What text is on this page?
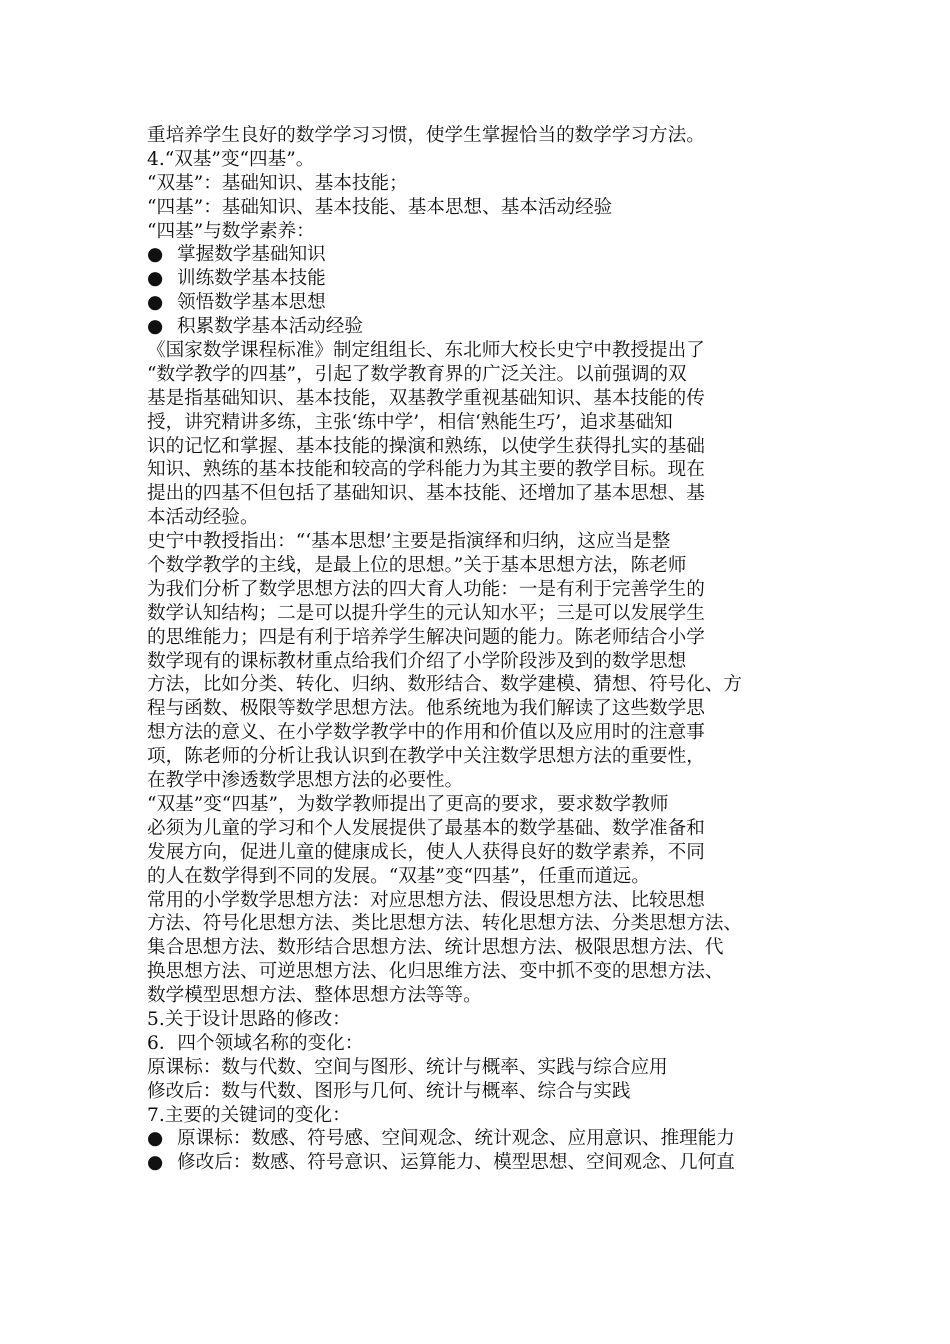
重培养学生良好的数学学习习惯，使学生掌握恰当的数学学习方法。
4.“双基”变“四基”。
“双基”：基础知识、基本技能；
“四基”：基础知识、基本技能、基本思想、基本活动经验
“四基”与数学素养：
● 掌握数学基础知识
● 训练数学基本技能
● 领悟数学基本思想
● 积累数学基本活动经验
《国家数学课程标准》制定组组长、东北师大校长史宁中教授提出了
“数学教学的四基”，引起了数学教育界的广泛关注。以前强调的双
基是指基础知识、基本技能，双基教学重视基础知识、基本技能的传
授，讲究精讲多练，主张‘练中学’，相信‘熟能生巧’，追求基础知
识的记忆和掌握、基本技能的操演和熟练，以使学生获得扎实的基础
知识、熟练的基本技能和较高的学科能力为其主要的教学目标。现在
提出的四基不但包括了基础知识、基本技能、还增加了基本思想、基
本活动经验。
史宁中教授指出：“‘基本思想’主要是指演绎和归纳，这应当是整
个数学教学的主线，是最上位的思想。”关于基本思想方法，陈老师
为我们分析了数学思想方法的四大育人功能：一是有利于完善学生的
数学认知结构；二是可以提升学生的元认知水平；三是可以发展学生
的思维能力；四是有利于培养学生解决问题的能力。陈老师结合小学
数学现有的课标教材重点给我们介绍了小学阶段涉及到的数学思想
方法，比如分类、转化、归纳、数形结合、数学建模、猜想、符号化、方
程与函数、极限等数学思想方法。他系统地为我们解读了这些数学思
想方法的意义、在小学数学教学中的作用和价值以及应用时的注意事
项，陈老师的分析让我认识到在教学中关注数学思想方法的重要性，
在教学中渗透数学思想方法的必要性。
“双基”变“四基”，为数学教师提出了更高的要求，要求数学教师
必须为儿童的学习和个人发展提供了最基本的数学基础、数学准备和
发展方向，促进儿童的健康成长，使人人获得良好的数学素养，不同
的人在数学得到不同的发展。“双基”变“四基”，任重而道远。
常用的小学数学思想方法：对应思想方法、假设思想方法、比较思想
方法、符号化思想方法、类比思想方法、转化思想方法、分类思想方法、
集合思想方法、数形结合思想方法、统计思想方法、极限思想方法、代
换思想方法、可逆思想方法、化归思维方法、变中抓不变的思想方法、
数学模型思想方法、整体思想方法等等。
5.关于设计思路的修改：
6．四个领域名称的变化：
原课标：数与代数、空间与图形、统计与概率、实践与综合应用
修改后：数与代数、图形与几何、统计与概率、综合与实践
7.主要的关键词的变化：
● 原课标：数感、符号感、空间观念、统计观念、应用意识、推理能力
● 修改后：数感、符号意识、运算能力、模型思想、空间观念、几何直
